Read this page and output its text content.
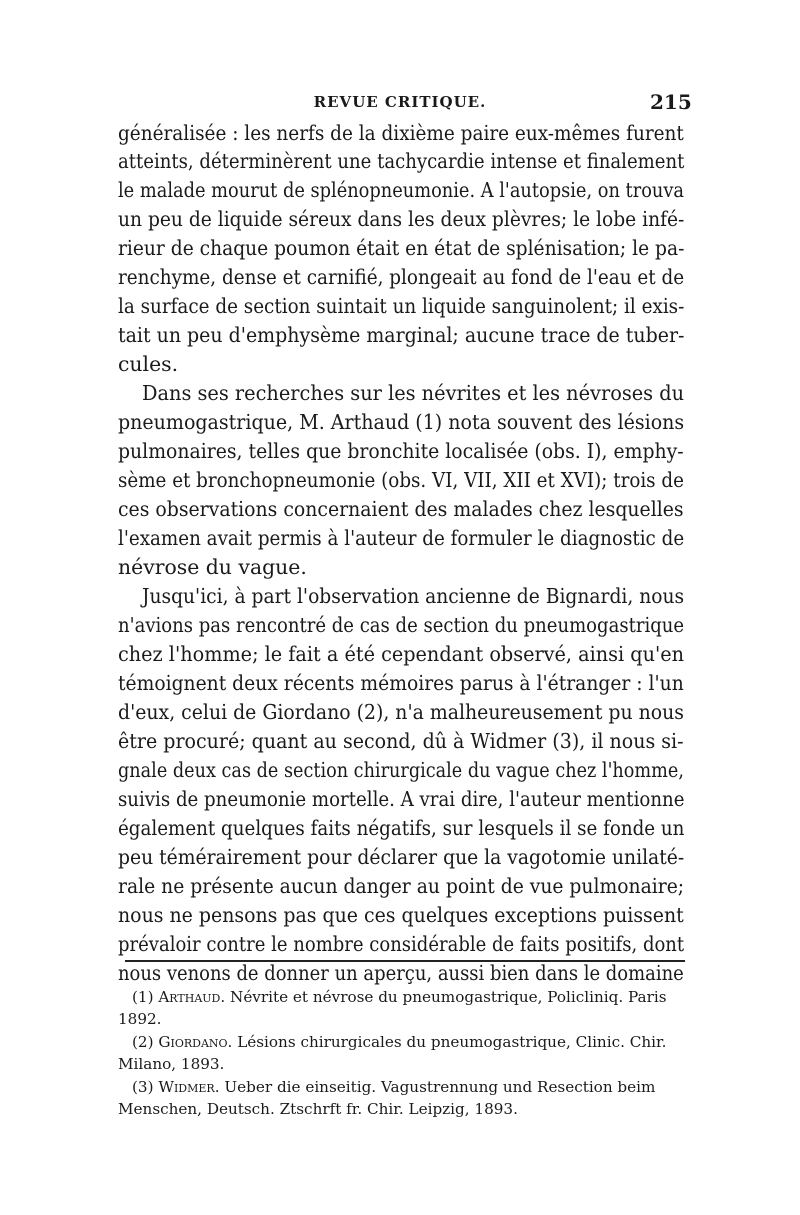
REVUE CRITIQUE.	215
généralisée : les nerfs de la dixième paire eux-mêmes furent
atteints, déterminèrent une tachycardie intense et finalement
le malade mourut de splénopneumonie. A l'autopsie, on trouva
un peu de liquide séreux dans les deux plèvres; le lobe infé-
rieur de chaque poumon était en état de splénisation; le pa-
renchyme, dense et carnifié, plongeait au fond de l'eau et de
la surface de section suintait un liquide sanguinolent; il exis-
tait un peu d'emphysème marginal; aucune trace de tuber-
cules.
Dans ses recherches sur les névrites et les névroses du
pneumogastrique, M. Arthaud (1) nota souvent des lésions
pulmonaires, telles que bronchite localisée (obs. I), emphy-
sème et bronchopneumonie (obs. VI, VII, XII et XVI); trois de
ces observations concernaient des malades chez lesquelles
l'examen avait permis à l'auteur de formuler le diagnostic de
névrose du vague.
Jusqu'ici, à part l'observation ancienne de Bignardi, nous
n'avions pas rencontré de cas de section du pneumogastrique
chez l'homme; le fait a été cependant observé, ainsi qu'en
témoignent deux récents mémoires parus à l'étranger : l'un
d'eux, celui de Giordano (2), n'a malheureusement pu nous
être procuré; quant au second, dû à Widmer (3), il nous si-
gnale deux cas de section chirurgicale du vague chez l'homme,
suivis de pneumonie mortelle. A vrai dire, l'auteur mentionne
également quelques faits négatifs, sur lesquels il se fonde un
peu témérairement pour déclarer que la vagotomie unilaté-
rale ne présente aucun danger au point de vue pulmonaire;
nous ne pensons pas que ces quelques exceptions puissent
prévaloir contre le nombre considérable de faits positifs, dont
nous venons de donner un aperçu, aussi bien dans le domaine
(1) Arthaud. Névrite et névrose du pneumogastrique, Policliniq. Paris
1892.
(2) Giordano. Lésions chirurgicales du pneumogastrique, Clinic. Chir.
Milano, 1893.
(3) Widmer. Ueber die einseitig. Vagustrennung und Resection beim
Menschen, Deutsch. Ztschrft fr. Chir. Leipzig, 1893.
